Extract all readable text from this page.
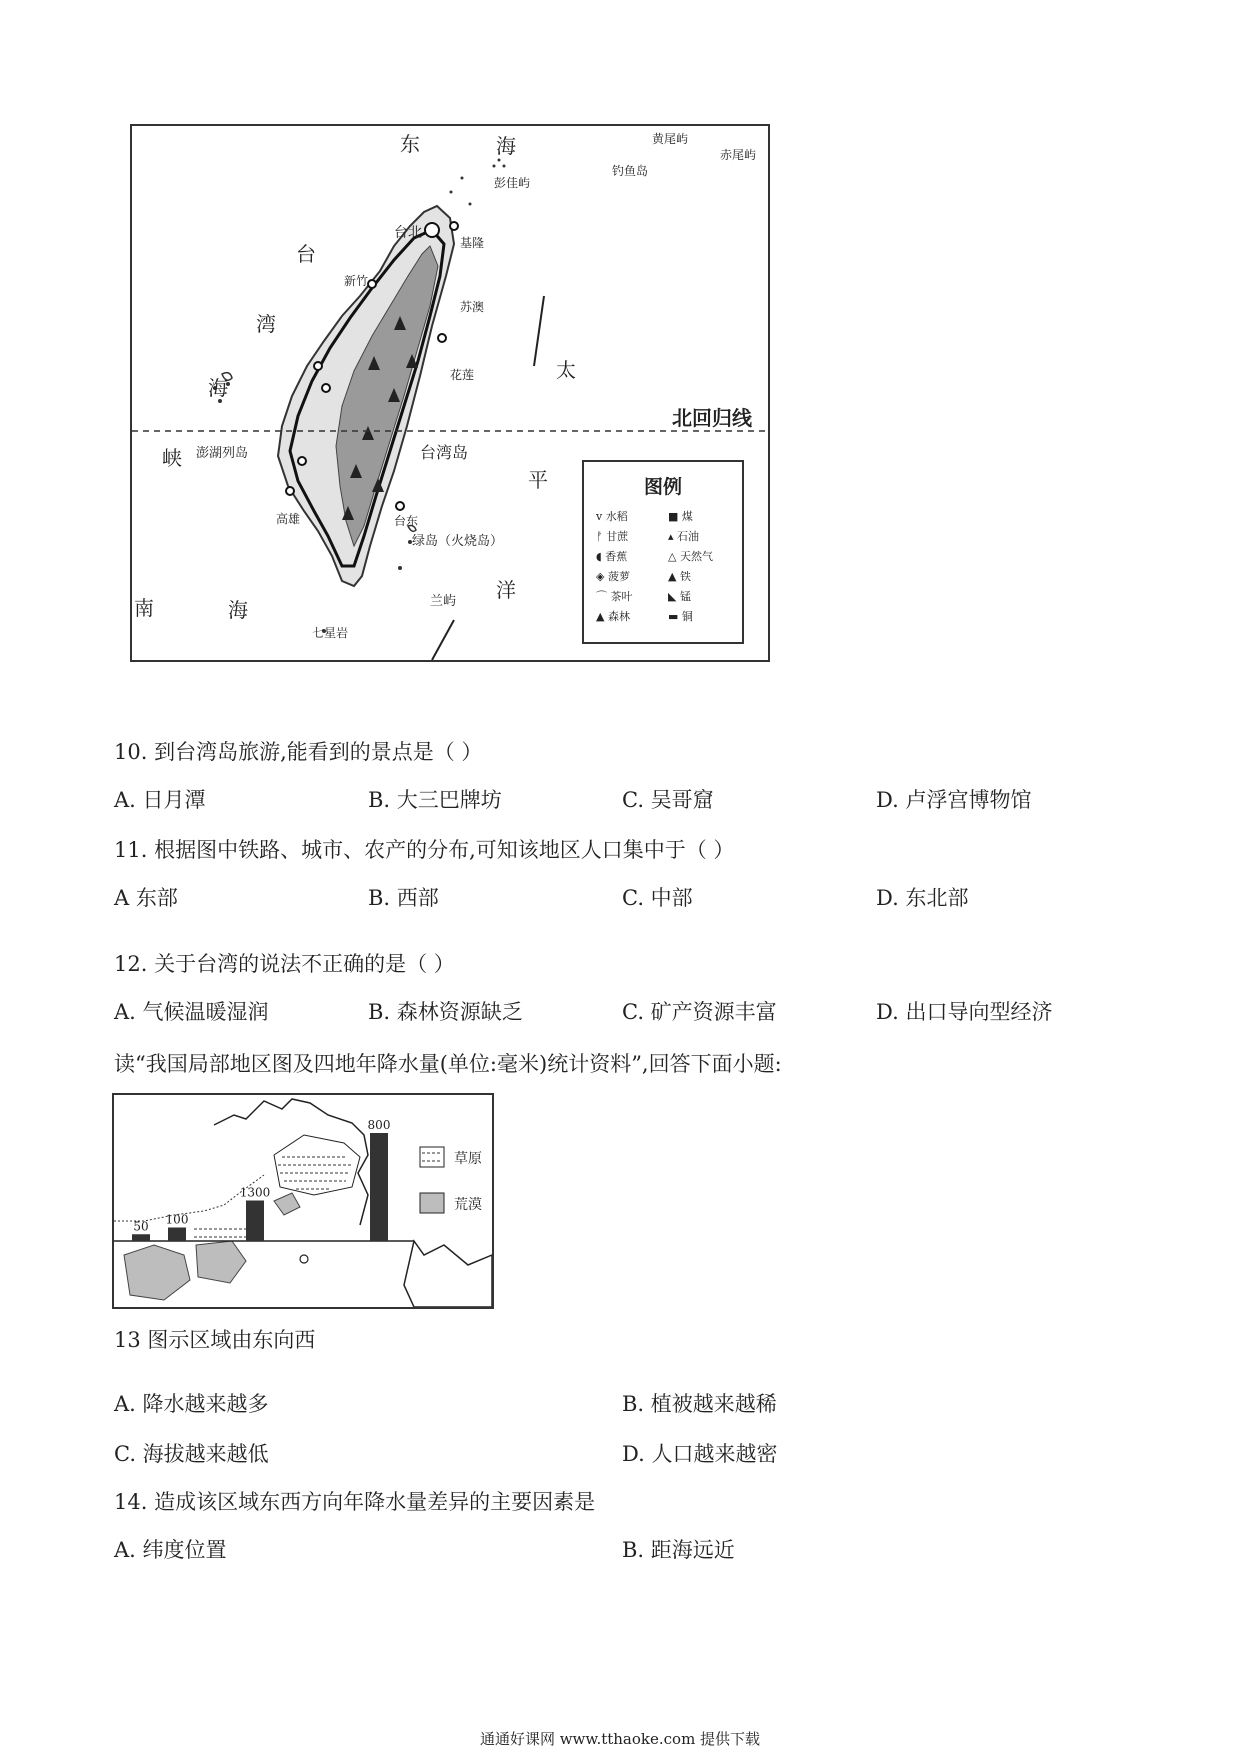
东	海	黄尾屿
赤尾屿
钓鱼岛
彭佳屿
台
湾
海
峡
台北
基隆
新竹
苏澳
花莲
澎湖列岛	台湾岛
台东
高雄
绿岛（火烧岛）
兰屿
七星岩
北回归线
太
平
洋
南	海
图例
ᴠ 水稻
ᚡ 甘蔗
◖ 香蕉
◈ 菠萝
⌒ 茶叶
▲ 森林
■ 煤
▴ 石油
△ 天然气
▲ 铁
◣ 锰
▬ 铜
10. 到台湾岛旅游,能看到的景点是（ ）
A. 日月潭	B. 大三巴牌坊	C. 吴哥窟	D. 卢浮宫博物馆
11. 根据图中铁路、城市、农产的分布,可知该地区人口集中于（ ）
A 东部	B. 西部	C. 中部	D. 东北部
12. 关于台湾的说法不正确的是（ ）
A. 气候温暖湿润	B. 森林资源缺乏	C. 矿产资源丰富	D. 出口导向型经济
读“我国局部地区图及四地年降水量(单位:毫米)统计资料”,回答下面小题:
50 100
1300
800
草原
荒漠
13 图示区域由东向西
A. 降水越来越多	B. 植被越来越稀
C. 海拔越来越低	D. 人口越来越密
14. 造成该区域东西方向年降水量差异的主要因素是
A. 纬度位置	B. 距海远近
通通好课网 www.tthaoke.com 提供下载
